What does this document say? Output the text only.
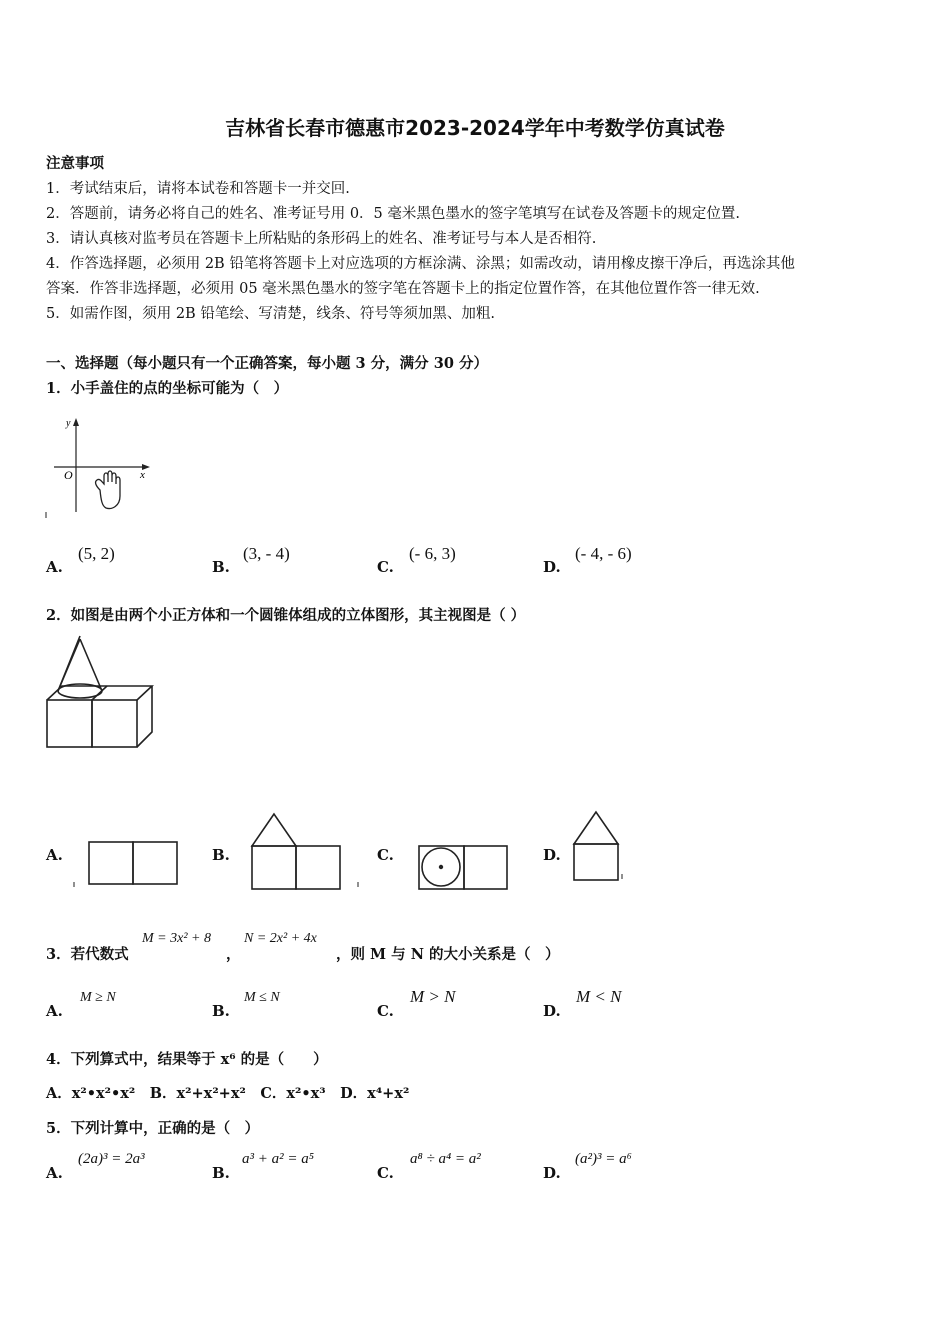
吉林省长春市德惠市2023-2024学年中考数学仿真试卷
注意事项
1．考试结束后，请将本试卷和答题卡一并交回.
2．答题前，请务必将自己的姓名、准考证号用 0．5 毫米黑色墨水的签字笔填写在试卷及答题卡的规定位置.
3．请认真核对监考员在答题卡上所粘贴的条形码上的姓名、准考证号与本人是否相符.
4．作答选择题，必须用 2B 铅笔将答题卡上对应选项的方框涂满、涂黑；如需改动，请用橡皮擦干净后，再选涂其他
答案．作答非选择题，必须用 05 毫米黑色墨水的签字笔在答题卡上的指定位置作答，在其他位置作答一律无效.
5．如需作图，须用 2B 铅笔绘、写清楚，线条、符号等须加黑、加粗.
一、选择题（每小题只有一个正确答案，每小题 3 分，满分 30 分）
1．小手盖住的点的坐标可能为（　）
y
O	x
A.
(5, 2)
B.
(3, - 4)
C.
(- 6, 3)
D.
(- 4, - 6)
2．如图是由两个小正方体和一个圆锥体组成的立体图形，其主视图是（ ）
A.	B.	C.	D.
3．若代数式
M = 3x² + 8
，
N = 2x² + 4x
，则 M 与 N 的大小关系是（　）
A.
M ≥ N
B.
M ≤ N
C.
M > N
D.
M < N
4．下列算式中，结果等于 x⁶ 的是（　　）
A．x²•x²•x²　B．x²+x²+x²　C．x²•x³　D．x⁴+x²
5．下列计算中，正确的是（　）
A.
(2a)³ = 2a³
B.
a³ + a² = a⁵
C.
a⁸ ÷ a⁴ = a²
D.
(a²)³ = a⁶
